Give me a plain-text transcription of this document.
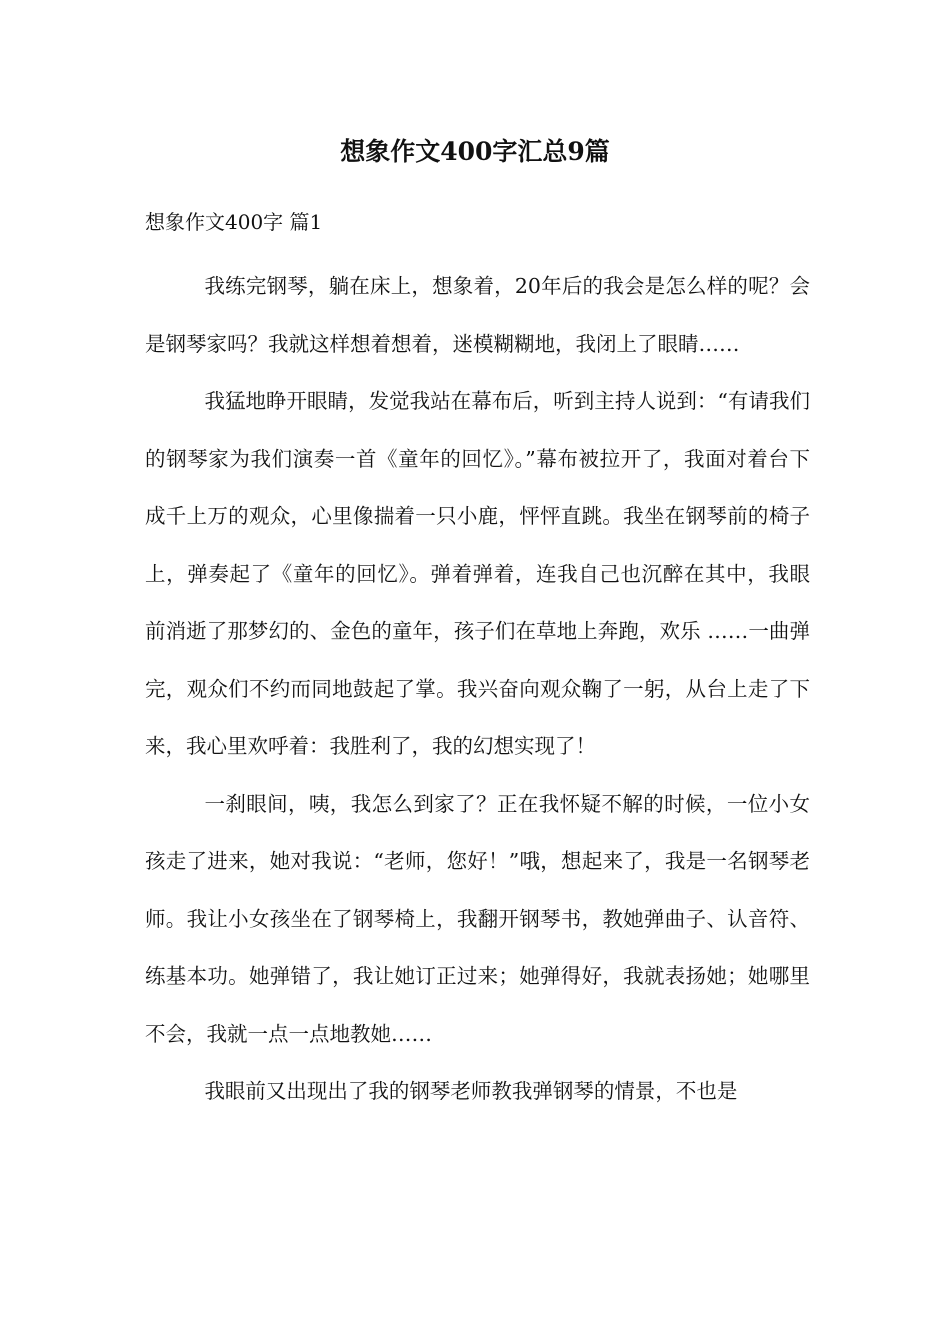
想象作文400字汇总9篇
想象作文400字 篇1

我练完钢琴，躺在床上，想象着，20年后的我会是怎么样的呢？会是钢琴家吗？我就这样想着想着，迷模糊糊地，我闭上了眼睛……

我猛地睁开眼睛，发觉我站在幕布后，听到主持人说到：“有请我们的钢琴家为我们演奏一首《童年的回忆》。”幕布被拉开了，我面对着台下成千上万的观众，心里像揣着一只小鹿，怦怦直跳。我坐在钢琴前的椅子上，弹奏起了《童年的回忆》。弹着弹着，连我自己也沉醉在其中，我眼前消逝了那梦幻的、金色的童年，孩子们在草地上奔跑，欢乐 ……一曲弹完，观众们不约而同地鼓起了掌。我兴奋向观众鞠了一躬，从台上走了下来，我心里欢呼着：我胜利了，我的幻想实现了！

一刹眼间，咦，我怎么到家了？正在我怀疑不解的时候，一位小女孩走了进来，她对我说：“老师，您好！”哦，想起来了，我是一名钢琴老师。我让小女孩坐在了钢琴椅上，我翻开钢琴书，教她弹曲子、认音符、练基本功。她弹错了，我让她订正过来；她弹得好，我就表扬她；她哪里不会，我就一点一点地教她……

我眼前又出现出了我的钢琴老师教我弹钢琴的情景，不也是
